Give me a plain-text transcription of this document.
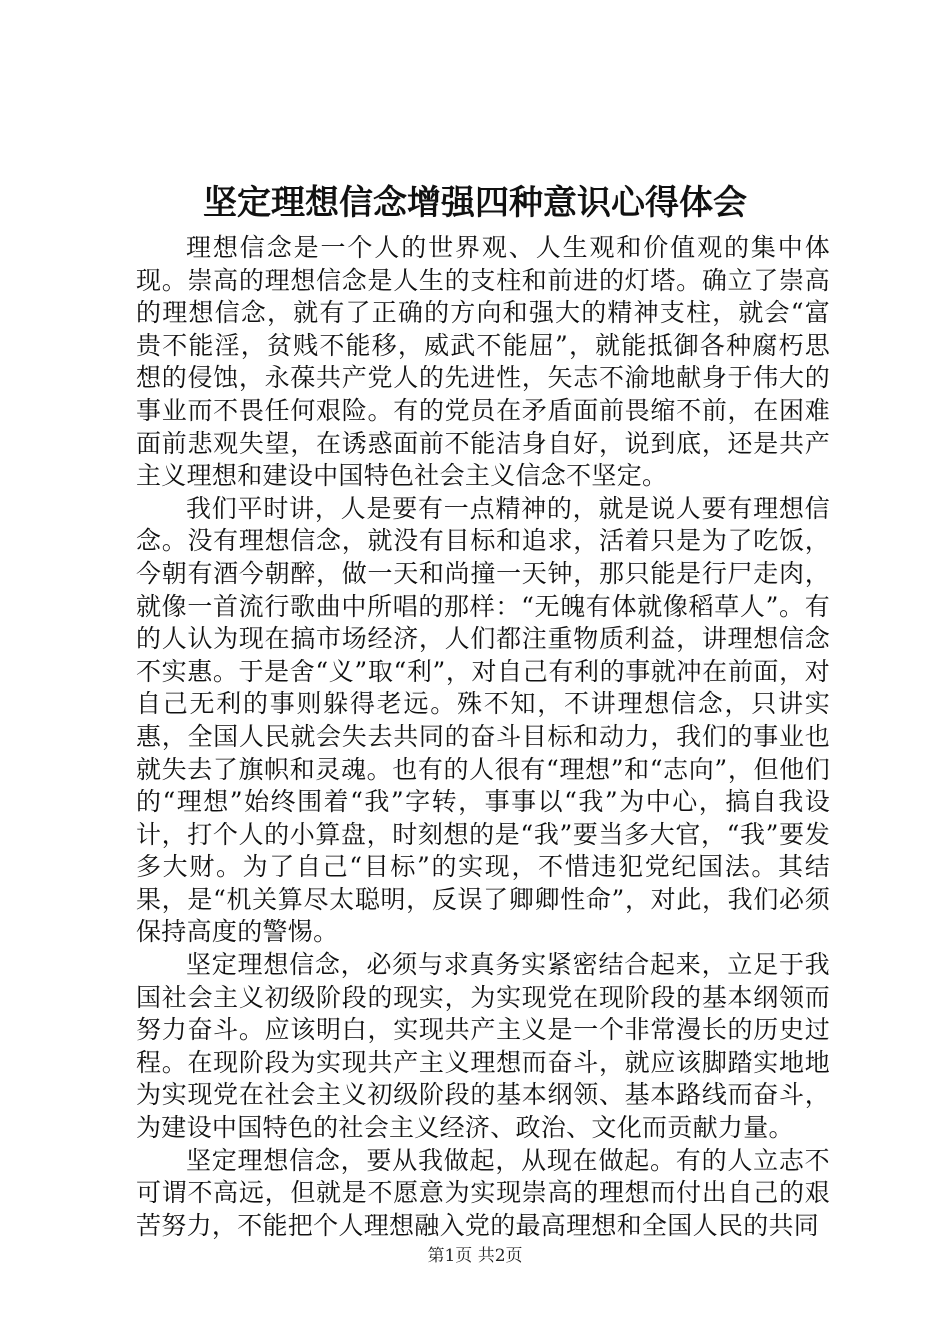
坚定理想信念增强四种意识心得体会

理想信念是一个人的世界观、人生观和价值观的集中体现。崇高的理想信念是人生的支柱和前进的灯塔。确立了崇高的理想信念，就有了正确的方向和强大的精神支柱，就会“富贵不能淫，贫贱不能移，威武不能屈”，就能抵御各种腐朽思想的侵蚀，永葆共产党人的先进性，矢志不渝地献身于伟大的事业而不畏任何艰险。有的党员在矛盾面前畏缩不前，在困难面前悲观失望，在诱惑面前不能洁身自好，说到底，还是共产主义理想和建设中国特色社会主义信念不坚定。

我们平时讲，人是要有一点精神的，就是说人要有理想信念。没有理想信念，就没有目标和追求，活着只是为了吃饭，今朝有酒今朝醉，做一天和尚撞一天钟，那只能是行尸走肉，就像一首流行歌曲中所唱的那样：“无魄有体就像稻草人”。有的人认为现在搞市场经济，人们都注重物质利益，讲理想信念不实惠。于是舍“义”取“利”，对自己有利的事就冲在前面，对自己无利的事则躲得老远。殊不知，不讲理想信念，只讲实惠，全国人民就会失去共同的奋斗目标和动力，我们的事业也就失去了旗帜和灵魂。也有的人很有“理想”和“志向”，但他们的“理想”始终围着“我”字转，事事以“我”为中心，搞自我设计，打个人的小算盘，时刻想的是“我”要当多大官，“我”要发多大财。为了自己“目标”的实现，不惜违犯党纪国法。其结果，是“机关算尽太聪明，反误了卿卿性命”，对此，我们必须保持高度的警惕。

坚定理想信念，必须与求真务实紧密结合起来，立足于我国社会主义初级阶段的现实，为实现党在现阶段的基本纲领而努力奋斗。应该明白，实现共产主义是一个非常漫长的历史过程。在现阶段为实现共产主义理想而奋斗，就应该脚踏实地地为实现党在社会主义初级阶段的基本纲领、基本路线而奋斗，为建设中国特色的社会主义经济、政治、文化而贡献力量。

坚定理想信念，要从我做起，从现在做起。有的人立志不可谓不高远，但就是不愿意为实现崇高的理想而付出自己的艰苦努力，不能把个人理想融入党的最高理想和全国人民的共同

第1页 共2页
